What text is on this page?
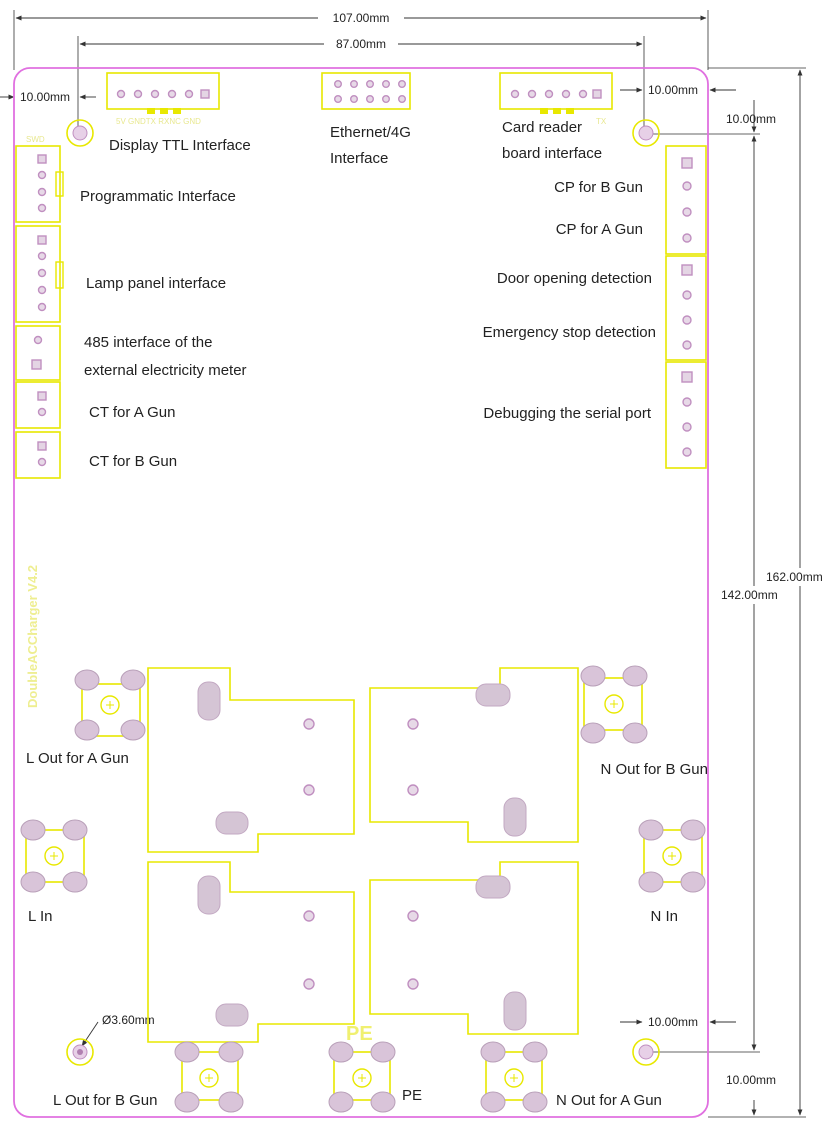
107.00mm
87.00mm
10.00mm	10.00mm
10.00mm
162.00mm
142.00mm
10.00mm
10.00mm
Ø3.60mm
5V GNDTX RXNC GND	TX
SWD
DoubleACCharger V4.2
PE
Display TTL Interface
Ethernet/4G
Interface
Card reader
board interface
Programmatic Interface
Lamp panel interface
485 interface of the
external electricity meter
CT for A Gun
CT for B Gun
CP for B Gun
CP for A Gun
Door opening detection
Emergency stop detection
Debugging the serial port
L Out for A Gun
N Out for B Gun
L In	N In
L Out for B Gun	PE	N Out for A Gun
